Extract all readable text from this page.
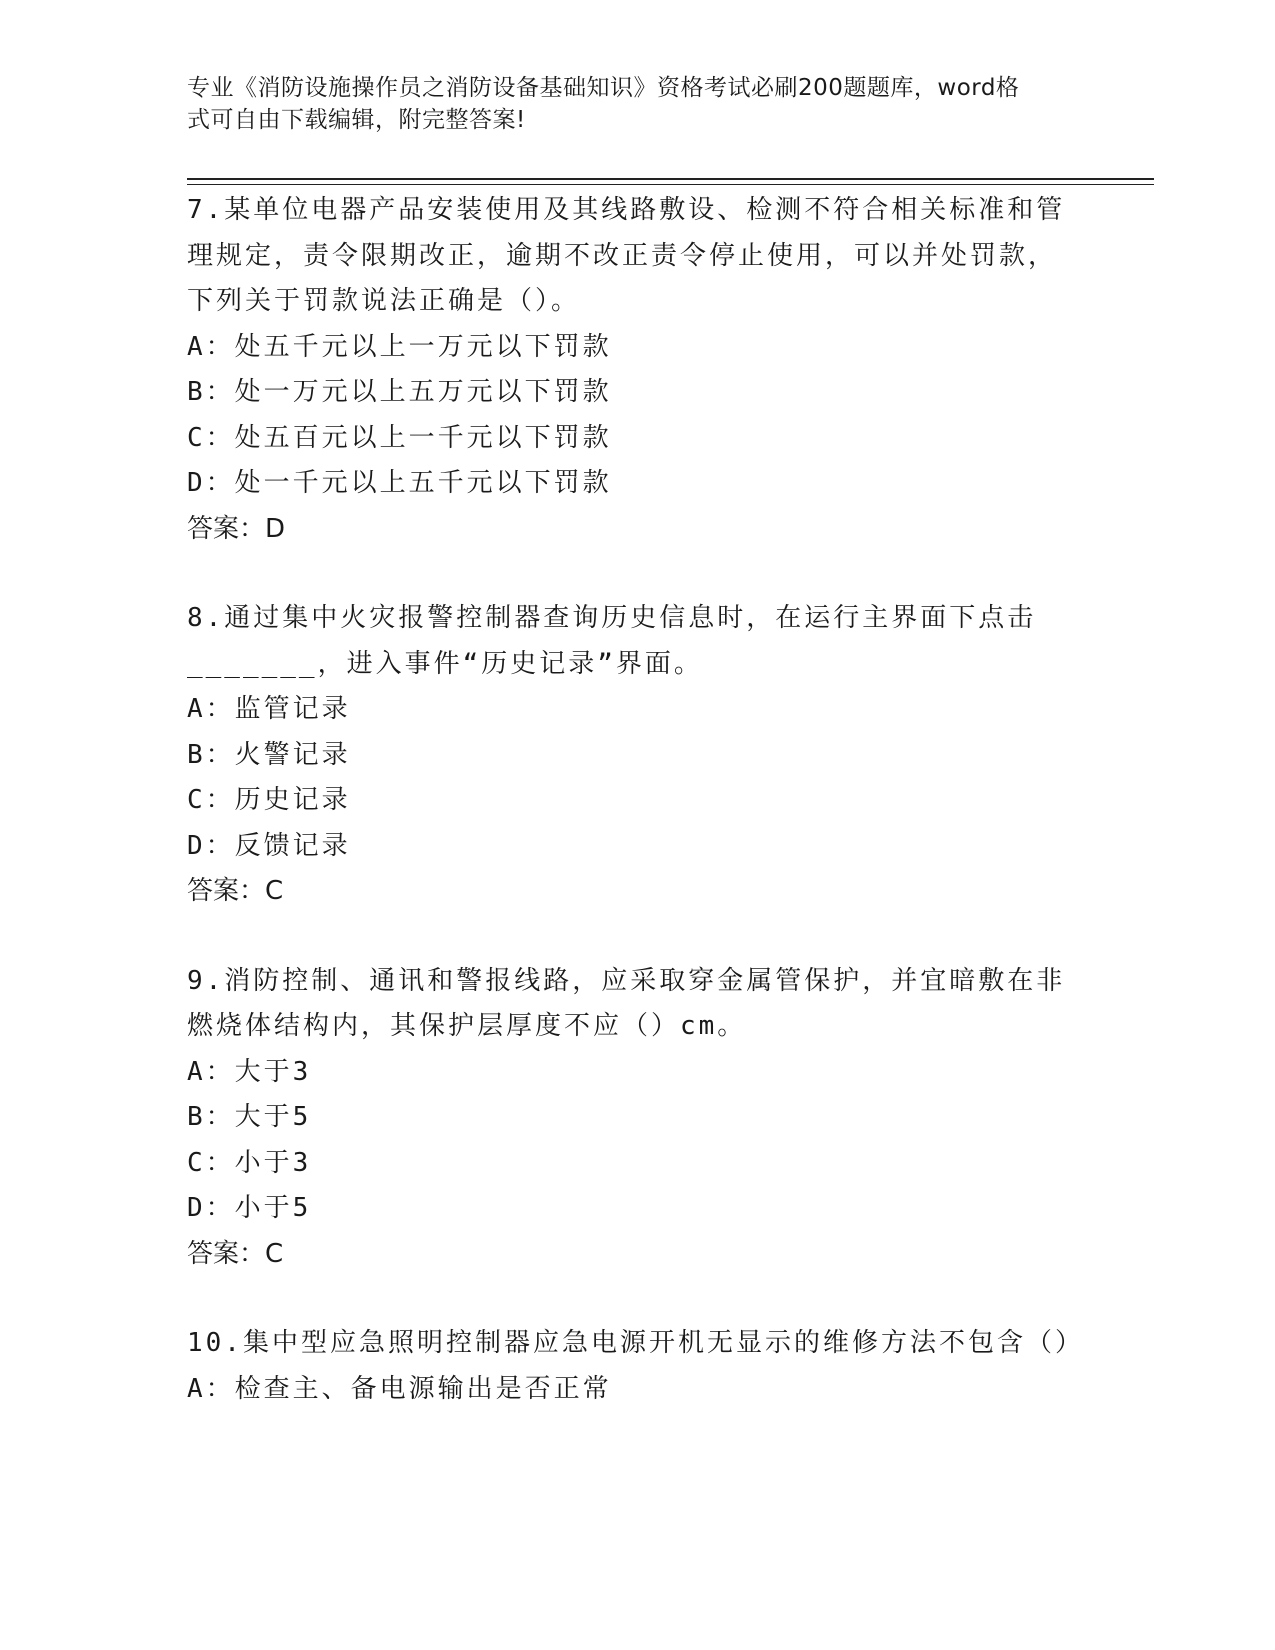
专业《消防设施操作员之消防设备基础知识》资格考试必刷200题题库，word格
式可自由下载编辑，附完整答案!
7.某单位电器产品安装使用及其线路敷设、检测不符合相关标准和管
理规定，责令限期改正，逾期不改正责令停止使用，可以并处罚款，
下列关于罚款说法正确是（）。
A：处五千元以上一万元以下罚款
B：处一万元以上五万元以下罚款
C：处五百元以上一千元以下罚款
D：处一千元以上五千元以下罚款
答案：D
8.通过集中火灾报警控制器查询历史信息时，在运行主界面下点击
_______，进入事件“历史记录”界面。
A：监管记录
B：火警记录
C：历史记录
D：反馈记录
答案：C
9.消防控制、通讯和警报线路，应采取穿金属管保护，并宜暗敷在非
燃烧体结构内，其保护层厚度不应（）cm。
A：大于3
B：大于5
C：小于3
D：小于5
答案：C
10.集中型应急照明控制器应急电源开机无显示的维修方法不包含（）
A：检查主、备电源输出是否正常
